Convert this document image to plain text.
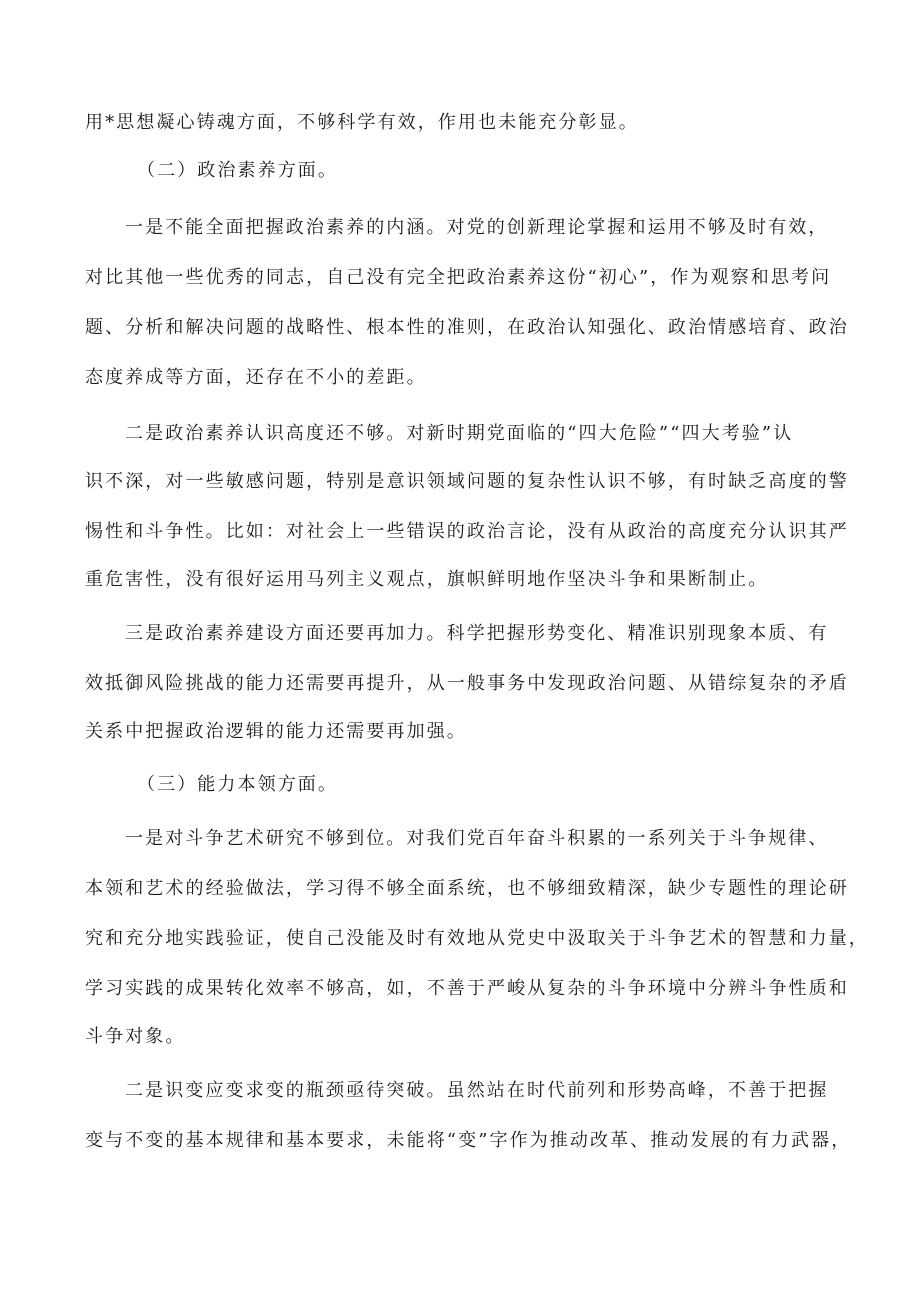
用*思想凝心铸魂方面，不够科学有效，作用也未能充分彰显。
（二）政治素养方面。
一是不能全面把握政治素养的内涵。对党的创新理论掌握和运用不够及时有效，
对比其他一些优秀的同志，自己没有完全把政治素养这份“初心”，作为观察和思考问
题、分析和解决问题的战略性、根本性的准则，在政治认知强化、政治情感培育、政治
态度养成等方面，还存在不小的差距。
二是政治素养认识高度还不够。对新时期党面临的“四大危险”“四大考验”认
识不深，对一些敏感问题，特别是意识领域问题的复杂性认识不够，有时缺乏高度的警
惕性和斗争性。比如：对社会上一些错误的政治言论，没有从政治的高度充分认识其严
重危害性，没有很好运用马列主义观点，旗帜鲜明地作坚决斗争和果断制止。
三是政治素养建设方面还要再加力。科学把握形势变化、精准识别现象本质、有
效抵御风险挑战的能力还需要再提升，从一般事务中发现政治问题、从错综复杂的矛盾
关系中把握政治逻辑的能力还需要再加强。
（三）能力本领方面。
一是对斗争艺术研究不够到位。对我们党百年奋斗积累的一系列关于斗争规律、
本领和艺术的经验做法，学习得不够全面系统，也不够细致精深，缺少专题性的理论研
究和充分地实践验证，使自己没能及时有效地从党史中汲取关于斗争艺术的智慧和力量，
学习实践的成果转化效率不够高，如，不善于严峻从复杂的斗争环境中分辨斗争性质和
斗争对象。
二是识变应变求变的瓶颈亟待突破。虽然站在时代前列和形势高峰，不善于把握
变与不变的基本规律和基本要求，未能将“变”字作为推动改革、推动发展的有力武器，
